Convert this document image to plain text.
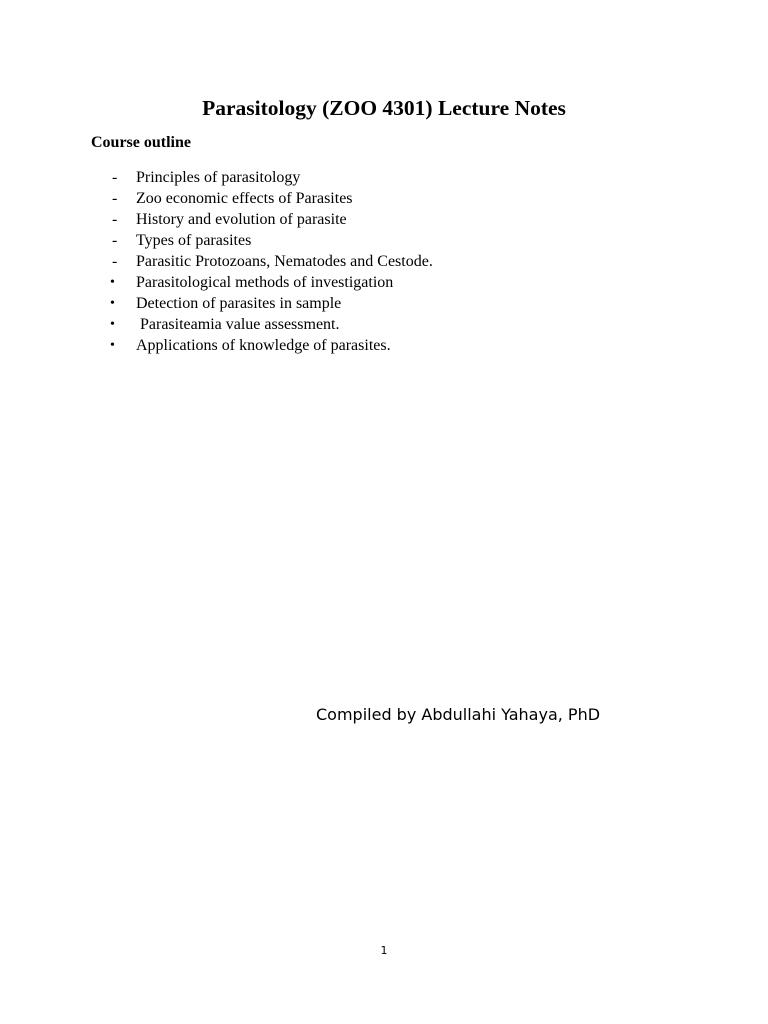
Parasitology (ZOO 4301) Lecture Notes
Course outline
-	Principles of parasitology
-	Zoo economic effects of Parasites
-	History and evolution of parasite
-	Types of parasites
-	Parasitic Protozoans, Nematodes and Cestode.
•	Parasitological methods of investigation
•	Detection of parasites in sample
•	Parasiteamia value assessment.
•	Applications of knowledge of parasites.
Compiled by Abdullahi Yahaya, PhD
1
